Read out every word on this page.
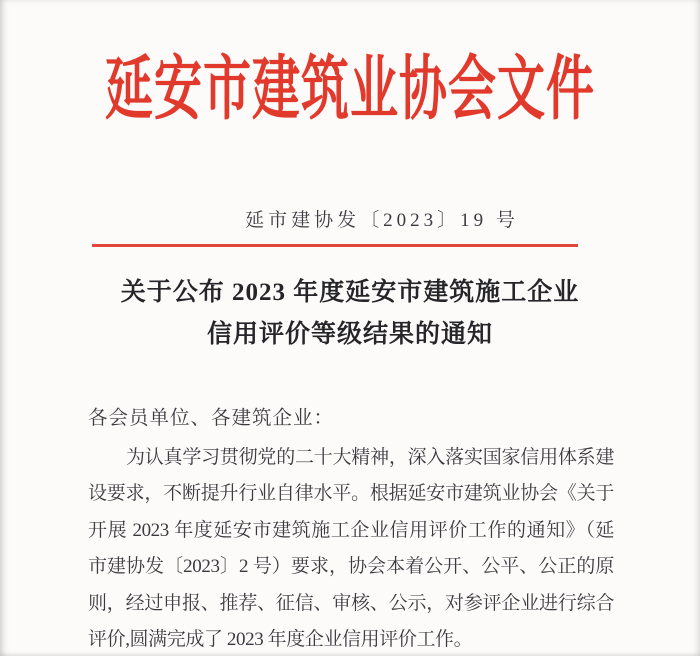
延安市建筑业协会文件
延市建协发〔2023〕19 号
关于公布 2023 年度延安市建筑施工企业
信用评价等级结果的通知
各会员单位、各建筑企业：
为认真学习贯彻党的二十大精神，深入落实国家信用体系建
设要求，不断提升行业自律水平。根据延安市建筑业协会《关于
开展 2023 年度延安市建筑施工企业信用评价工作的通知》（延
市建协发〔2023〕2 号）要求，协会本着公开、公平、公正的原
则，经过申报、推荐、征信、审核、公示，对参评企业进行综合
评价,圆满完成了 2023 年度企业信用评价工作。
